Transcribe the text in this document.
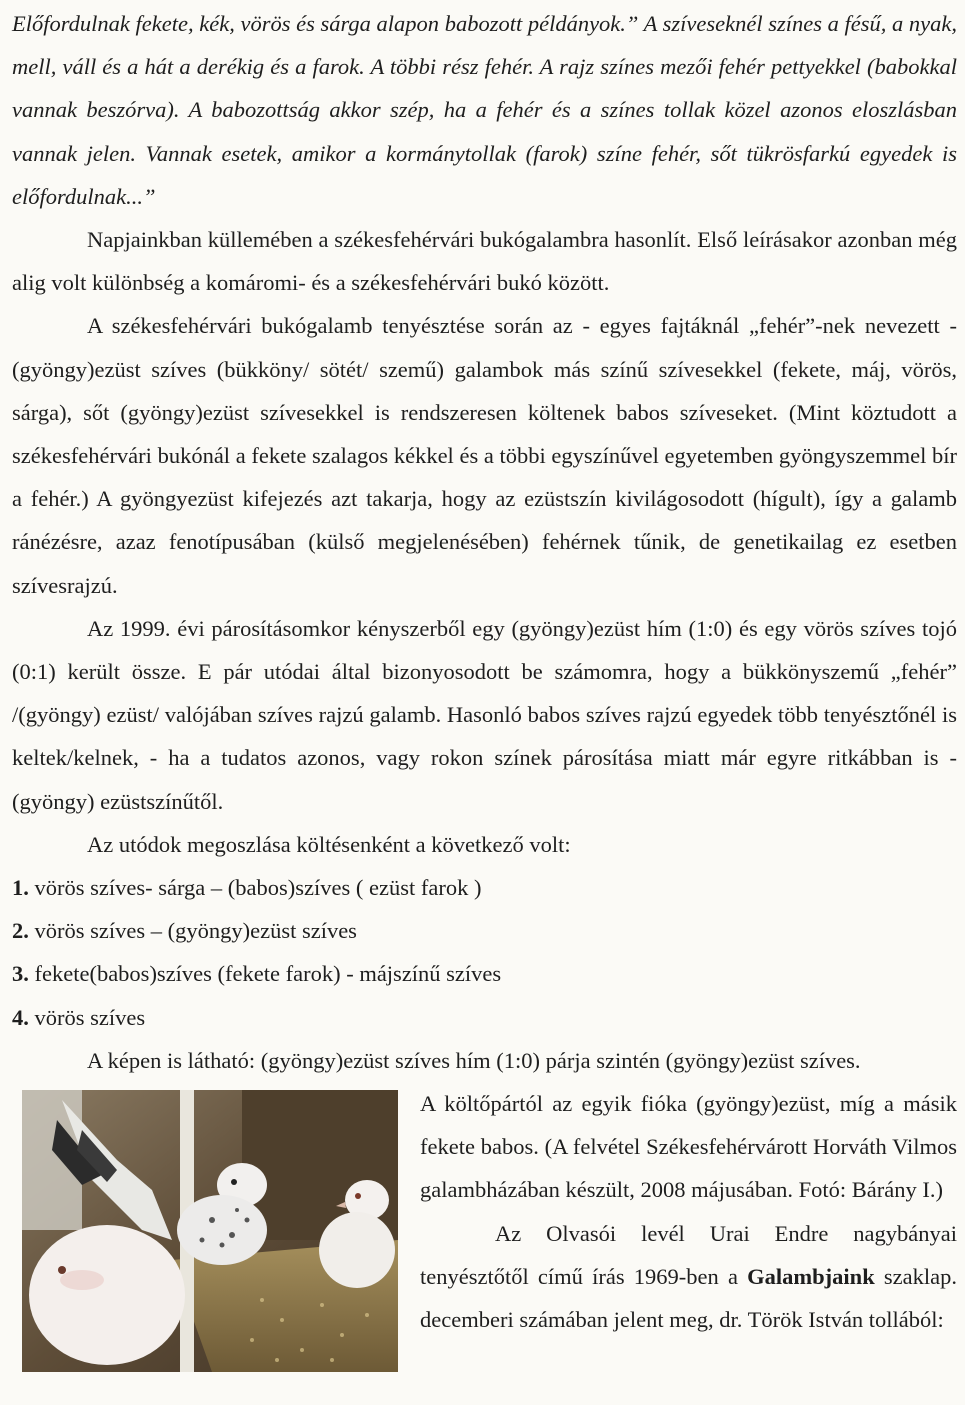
Előfordulnak fekete, kék, vörös és sárga alapon babozott példányok.” A szíveseknél színes a fésű, a nyak, mell, váll és a hát a derékig és a farok. A többi rész fehér. A rajz színes mezői fehér pettyekkel (babokkal vannak beszórva). A babozottság akkor szép, ha a fehér és a színes tollak közel azonos eloszlásban vannak jelen. Vannak esetek, amikor a kormánytollak (farok) színe fehér, sőt tükrösfarkú egyedek is előfordulnak...”

Napjainkban küllemében a székesfehérvári bukógalambra hasonlít. Első leírásakor azonban még alig volt különbség a komáromi- és a székesfehérvári bukó között.

A székesfehérvári bukógalamb tenyésztése során az - egyes fajtáknál „fehér”-nek nevezett - (gyöngy)ezüst szíves (bükköny/ sötét/ szemű) galambok más színű szívesekkel (fekete, máj, vörös, sárga), sőt (gyöngy)ezüst szívesekkel is rendszeresen költenek babos szíveseket. (Mint köztudott a székesfehérvári bukónál a fekete szalagos kékkel és a többi egyszínűvel egyetemben gyöngyszemmel bír a fehér.) A gyöngyezüst kifejezés azt takarja, hogy az ezüstszín kivilágosodott (hígult), így a galamb ránézésre, azaz fenotípusában (külső megjelenésében) fehérnek tűnik, de genetikailag ez esetben szívesrajzú.

Az 1999. évi párosításomkor kényszerből egy (gyöngy)ezüst hím (1:0) és egy vörös szíves tojó (0:1) került össze. E pár utódai által bizonyosodott be számomra, hogy a bükkönyszemű „fehér” /(gyöngy) ezüst/ valójában szíves rajzú galamb. Hasonló babos szíves rajzú egyedek több tenyésztőnél is keltek/kelnek, - ha a tudatos azonos, vagy rokon színek párosítása miatt már egyre ritkábban is - (gyöngy) ezüstszínűtől.

Az utódok megoszlása költésenként a következő volt:

1. vörös szíves- sárga – (babos)szíves ( ezüst farok )

2. vörös szíves – (gyöngy)ezüst szíves

3. fekete(babos)szíves (fekete farok) - májszínű szíves

4. vörös szíves

A képen is látható: (gyöngy)ezüst szíves hím (1:0) párja szintén (gyöngy)ezüst szíves.

A költőpártól az egyik fióka (gyöngy)ezüst, míg a másik fekete babos. (A felvétel Székesfehérvárott Horváth Vilmos galambházában készült, 2008 májusában. Fotó: Bárány I.)

Az Olvasói levél Urai Endre nagybányai tenyésztőtől című írás 1969-ben a Galambjaink szaklap. decemberi számában jelent meg, dr. Török István tollából:
